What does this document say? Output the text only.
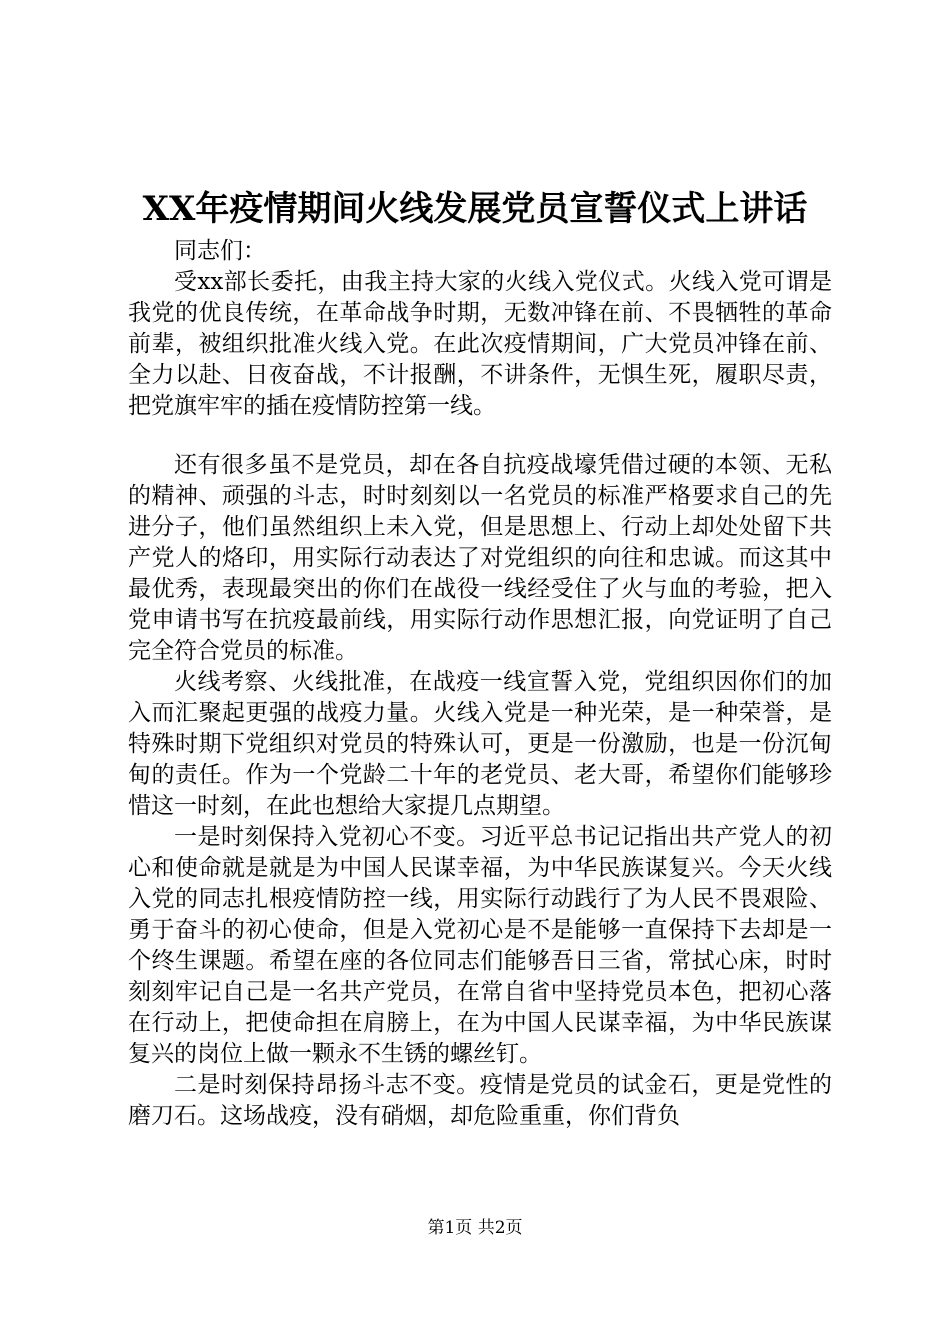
XX年疫情期间火线发展党员宣誓仪式上讲话

同志们：

受xx部长委托，由我主持大家的火线入党仪式。火线入党可谓是我党的优良传统，在革命战争时期，无数冲锋在前、不畏牺牲的革命前辈，被组织批准火线入党。在此次疫情期间，广大党员冲锋在前、全力以赴、日夜奋战，不计报酬，不讲条件，无惧生死，履职尽责，把党旗牢牢的插在疫情防控第一线。

还有很多虽不是党员，却在各自抗疫战壕凭借过硬的本领、无私的精神、顽强的斗志，时时刻刻以一名党员的标准严格要求自己的先进分子，他们虽然组织上未入党，但是思想上、行动上却处处留下共产党人的烙印，用实际行动表达了对党组织的向往和忠诚。而这其中最优秀，表现最突出的你们在战役一线经受住了火与血的考验，把入党申请书写在抗疫最前线，用实际行动作思想汇报，向党证明了自己完全符合党员的标准。

火线考察、火线批准，在战疫一线宣誓入党，党组织因你们的加入而汇聚起更强的战疫力量。火线入党是一种光荣，是一种荣誉，是特殊时期下党组织对党员的特殊认可，更是一份激励，也是一份沉甸甸的责任。作为一个党龄二十年的老党员、老大哥，希望你们能够珍惜这一时刻，在此也想给大家提几点期望。

一是时刻保持入党初心不变。习近平总书记记指出共产党人的初心和使命就是就是为中国人民谋幸福，为中华民族谋复兴。今天火线入党的同志扎根疫情防控一线，用实际行动践行了为人民不畏艰险、勇于奋斗的初心使命，但是入党初心是不是能够一直保持下去却是一个终生课题。希望在座的各位同志们能够吾日三省，常拭心床，时时刻刻牢记自己是一名共产党员，在常自省中坚持党员本色，把初心落在行动上，把使命担在肩膀上，在为中国人民谋幸福，为中华民族谋复兴的岗位上做一颗永不生锈的螺丝钉。

二是时刻保持昂扬斗志不变。疫情是党员的试金石，更是党性的磨刀石。这场战疫，没有硝烟，却危险重重，你们背负

第1页 共2页
